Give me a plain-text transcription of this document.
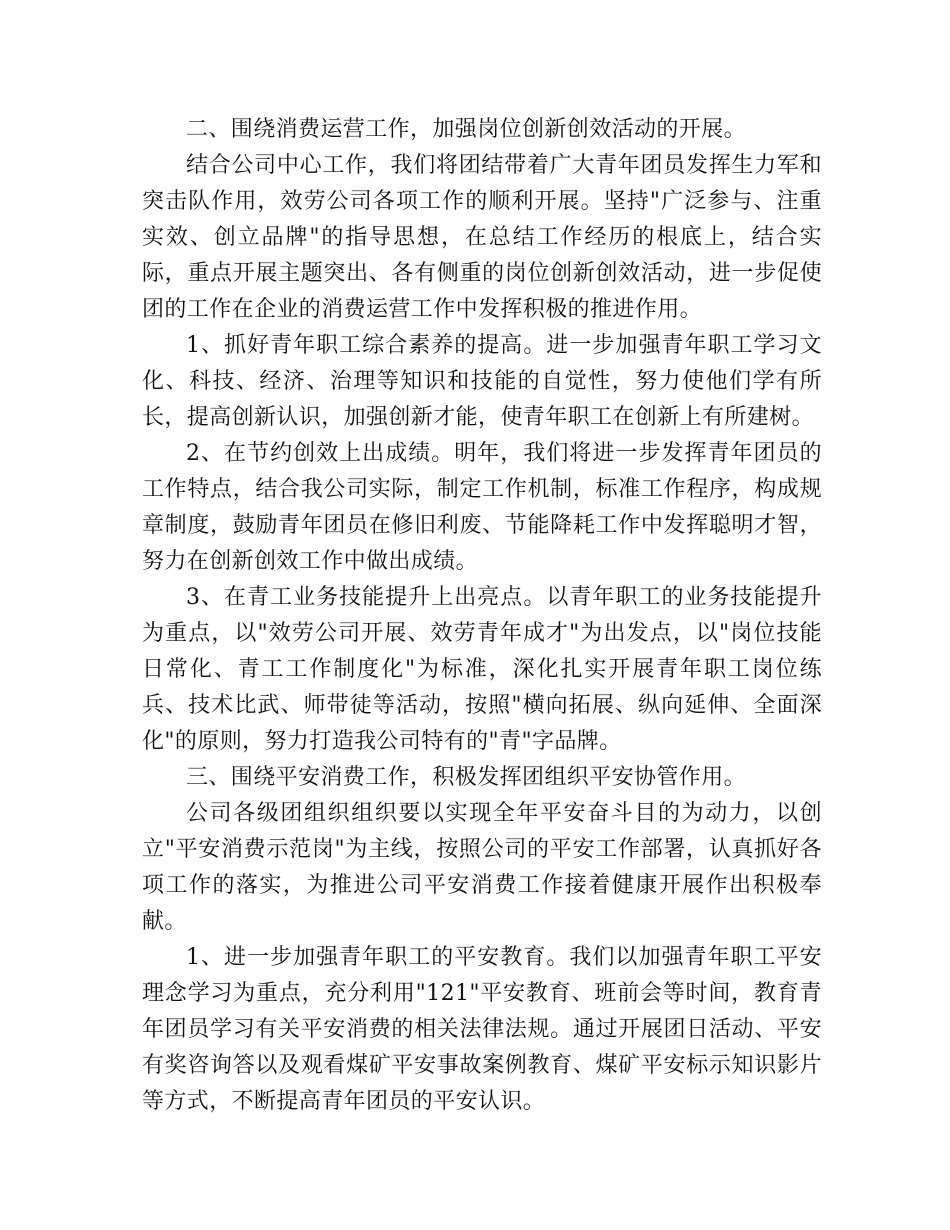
二、围绕消费运营工作，加强岗位创新创效活动的开展。

结合公司中心工作，我们将团结带着广大青年团员发挥生力军和突击队作用，效劳公司各项工作的顺利开展。坚持"广泛参与、注重实效、创立品牌"的指导思想，在总结工作经历的根底上，结合实际，重点开展主题突出、各有侧重的岗位创新创效活动，进一步促使团的工作在企业的消费运营工作中发挥积极的推进作用。

1、抓好青年职工综合素养的提高。进一步加强青年职工学习文化、科技、经济、治理等知识和技能的自觉性，努力使他们学有所长，提高创新认识，加强创新才能，使青年职工在创新上有所建树。

2、在节约创效上出成绩。明年，我们将进一步发挥青年团员的工作特点，结合我公司实际，制定工作机制，标准工作程序，构成规章制度，鼓励青年团员在修旧利废、节能降耗工作中发挥聪明才智，努力在创新创效工作中做出成绩。

3、在青工业务技能提升上出亮点。以青年职工的业务技能提升为重点，以"效劳公司开展、效劳青年成才"为出发点，以"岗位技能日常化、青工工作制度化"为标准，深化扎实开展青年职工岗位练兵、技术比武、师带徒等活动，按照"横向拓展、纵向延伸、全面深化"的原则，努力打造我公司特有的"青"字品牌。

三、围绕平安消费工作，积极发挥团组织平安协管作用。

公司各级团组织组织要以实现全年平安奋斗目的为动力，以创立"平安消费示范岗"为主线，按照公司的平安工作部署，认真抓好各项工作的落实，为推进公司平安消费工作接着健康开展作出积极奉献。

1、进一步加强青年职工的平安教育。我们以加强青年职工平安理念学习为重点，充分利用"121"平安教育、班前会等时间，教育青年团员学习有关平安消费的相关法律法规。通过开展团日活动、平安有奖咨询答以及观看煤矿平安事故案例教育、煤矿平安标示知识影片等方式，不断提高青年团员的平安认识。
